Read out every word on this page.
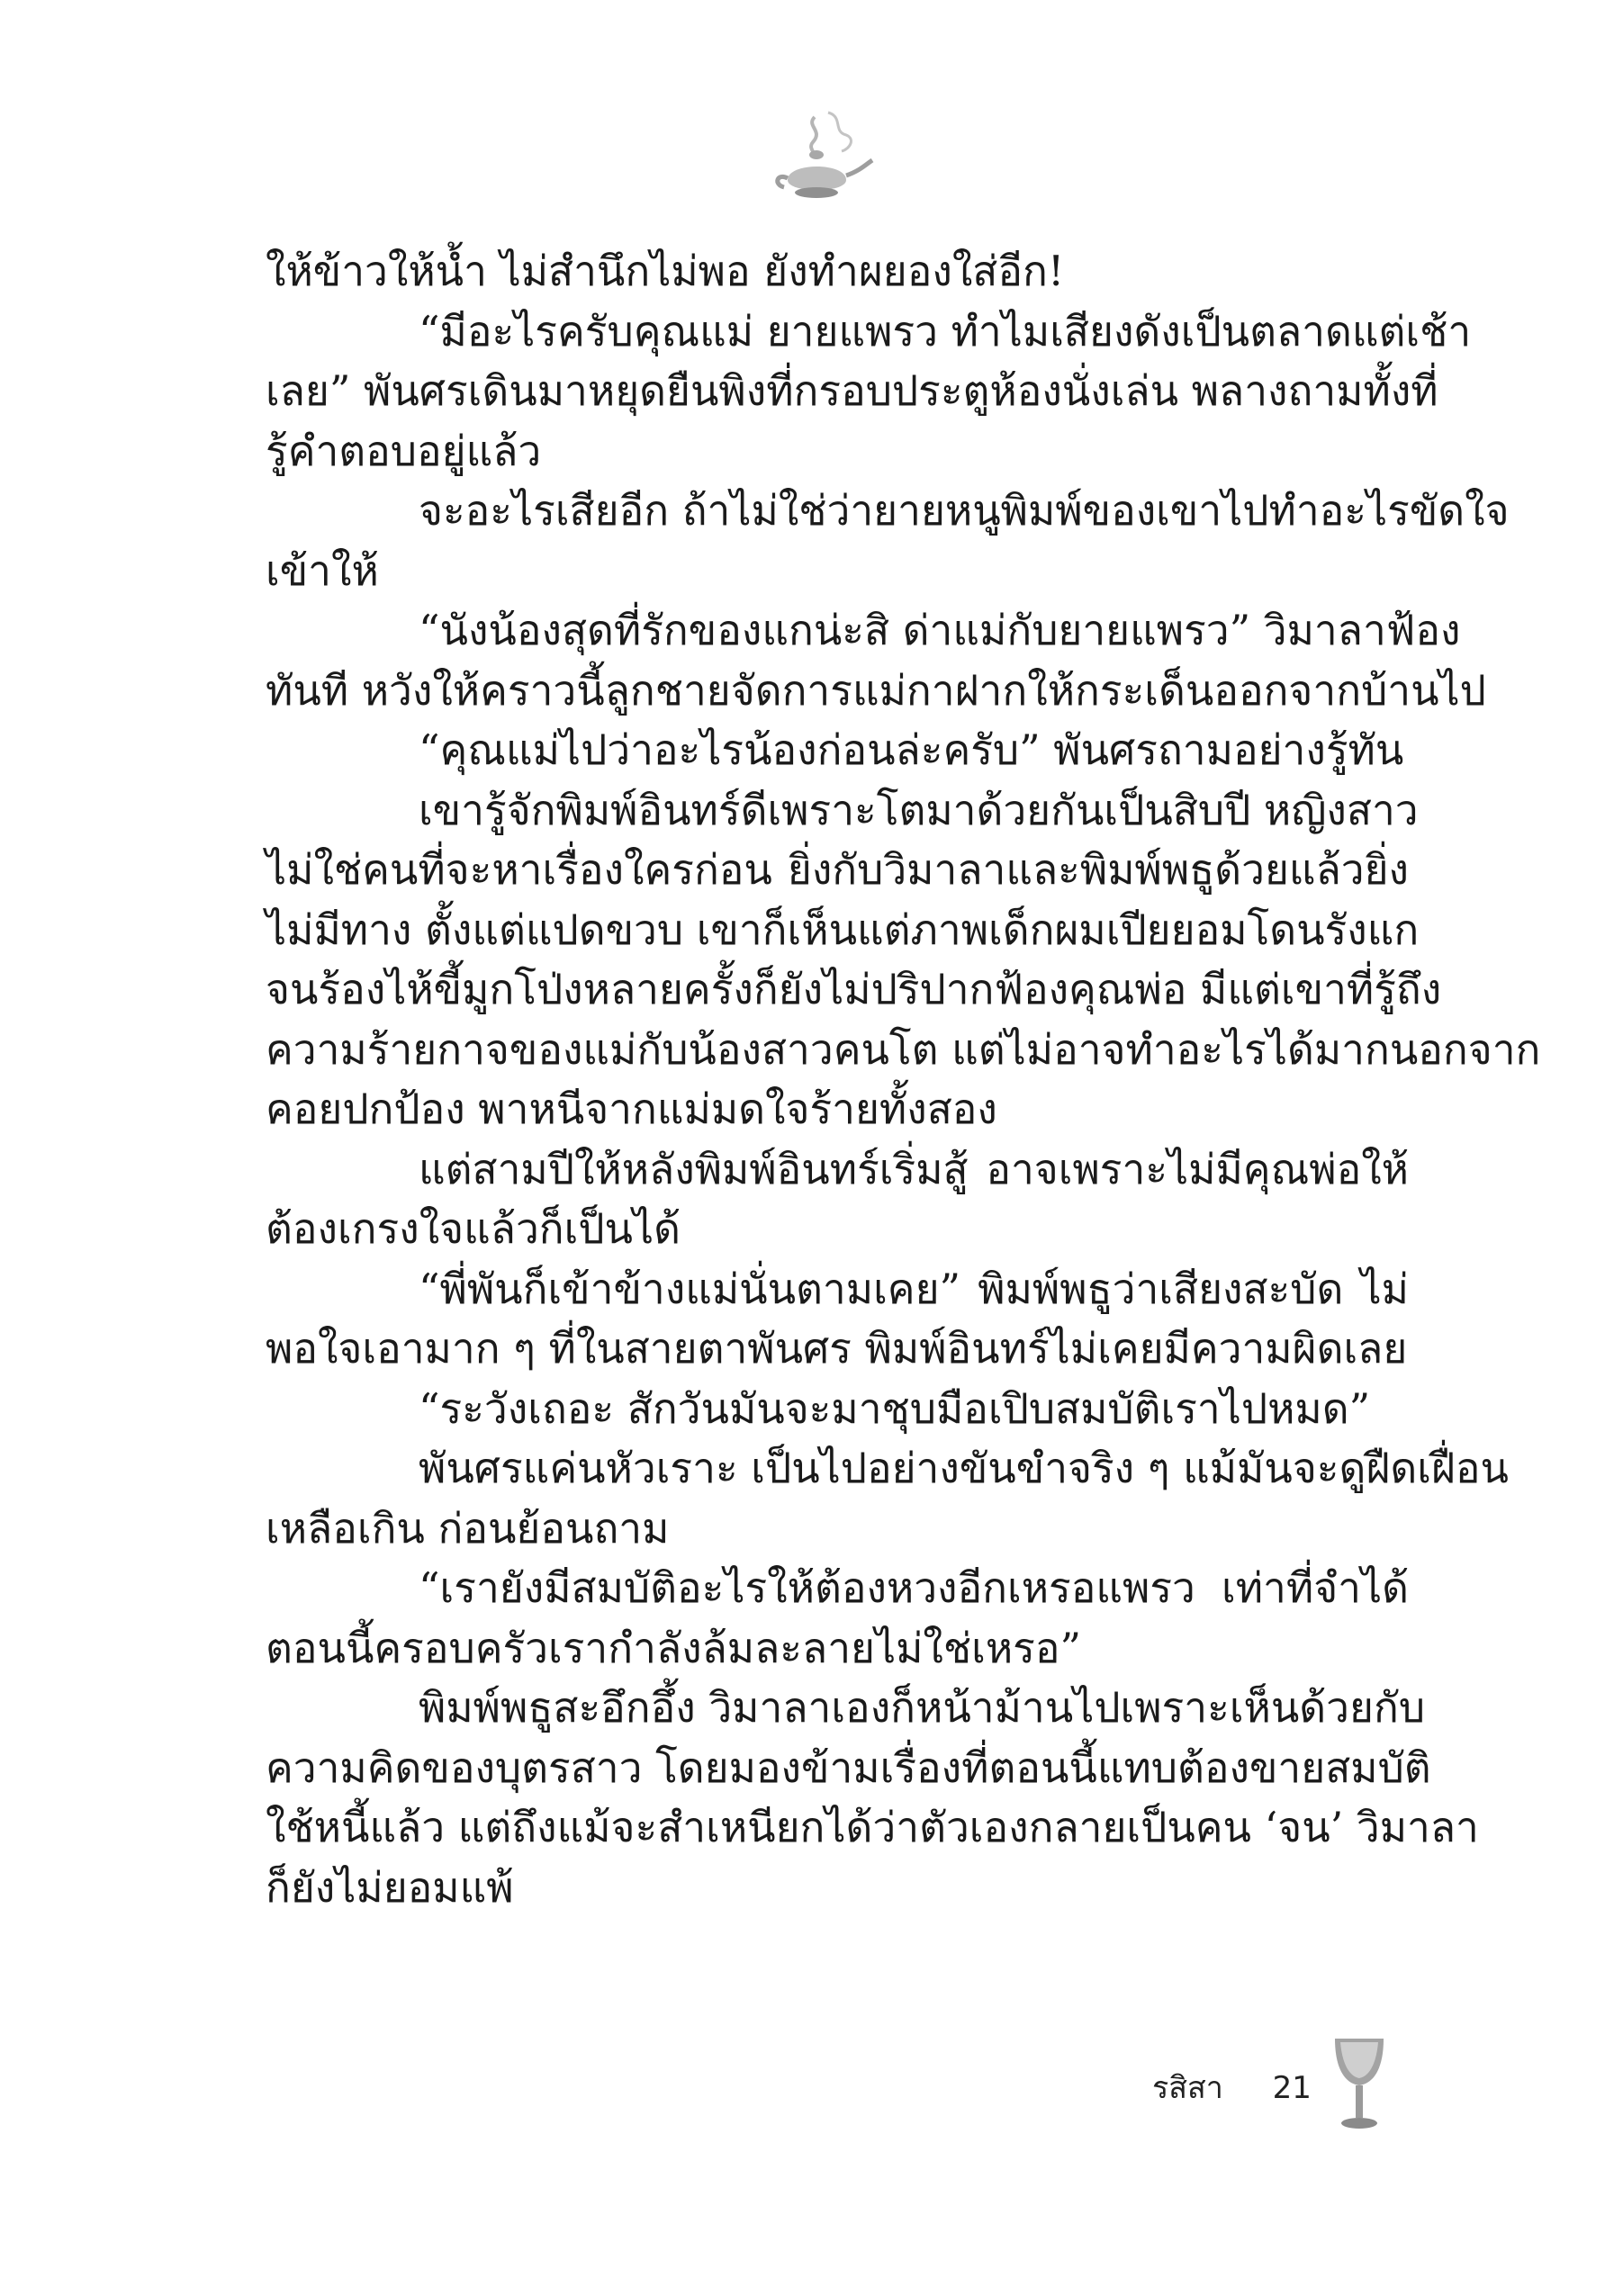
ให้ข้าวให้น้ำ ไม่สำนึกไม่พอ ยังทำผยองใส่อีก!
“มีอะไรครับคุณแม่ ยายแพรว ทำไมเสียงดังเป็นตลาดแต่เช้า
เลย” พันศรเดินมาหยุดยืนพิงที่กรอบประตูห้องนั่งเล่น พลางถามทั้งที่
รู้คำตอบอยู่แล้ว
จะอะไรเสียอีก ถ้าไม่ใช่ว่ายายหนูพิมพ์ของเขาไปทำอะไรขัดใจ
เข้าให้
“นังน้องสุดที่รักของแกน่ะสิ ด่าแม่กับยายแพรว” วิมาลาฟ้อง
ทันที หวังให้คราวนี้ลูกชายจัดการแม่กาฝากให้กระเด็นออกจากบ้านไป
“คุณแม่ไปว่าอะไรน้องก่อนล่ะครับ” พันศรถามอย่างรู้ทัน
เขารู้จักพิมพ์อินทร์ดีเพราะโตมาด้วยกันเป็นสิบปี หญิงสาว
ไม่ใช่คนที่จะหาเรื่องใครก่อน ยิ่งกับวิมาลาและพิมพ์พธูด้วยแล้วยิ่ง
ไม่มีทาง ตั้งแต่แปดขวบ เขาก็เห็นแต่ภาพเด็กผมเปียยอมโดนรังแก
จนร้องไห้ขี้มูกโป่งหลายครั้งก็ยังไม่ปริปากฟ้องคุณพ่อ มีแต่เขาที่รู้ถึง
ความร้ายกาจของแม่กับน้องสาวคนโต แต่ไม่อาจทำอะไรได้มากนอกจาก
คอยปกป้อง พาหนีจากแม่มดใจร้ายทั้งสอง
แต่สามปีให้หลังพิมพ์อินทร์เริ่มสู้ อาจเพราะไม่มีคุณพ่อให้
ต้องเกรงใจแล้วก็เป็นได้
“พี่พันก็เข้าข้างแม่นั่นตามเคย” พิมพ์พธูว่าเสียงสะบัด ไม่
พอใจเอามาก ๆ ที่ในสายตาพันศร พิมพ์อินทร์ไม่เคยมีความผิดเลย
“ระวังเถอะ สักวันมันจะมาชุบมือเปิบสมบัติเราไปหมด”
พันศรแค่นหัวเราะ เป็นไปอย่างขันขำจริง ๆ แม้มันจะดูฝืดเฝื่อน
เหลือเกิน ก่อนย้อนถาม
“เรายังมีสมบัติอะไรให้ต้องหวงอีกเหรอแพรว เท่าที่จำได้
ตอนนี้ครอบครัวเรากำลังล้มละลายไม่ใช่เหรอ”
พิมพ์พธูสะอึกอึ้ง วิมาลาเองก็หน้าม้านไปเพราะเห็นด้วยกับ
ความคิดของบุตรสาว โดยมองข้ามเรื่องที่ตอนนี้แทบต้องขายสมบัติ
ใช้หนี้แล้ว แต่ถึงแม้จะสำเหนียกได้ว่าตัวเองกลายเป็นคน ‘จน’ วิมาลา
ก็ยังไม่ยอมแพ้
รสิสา 21
